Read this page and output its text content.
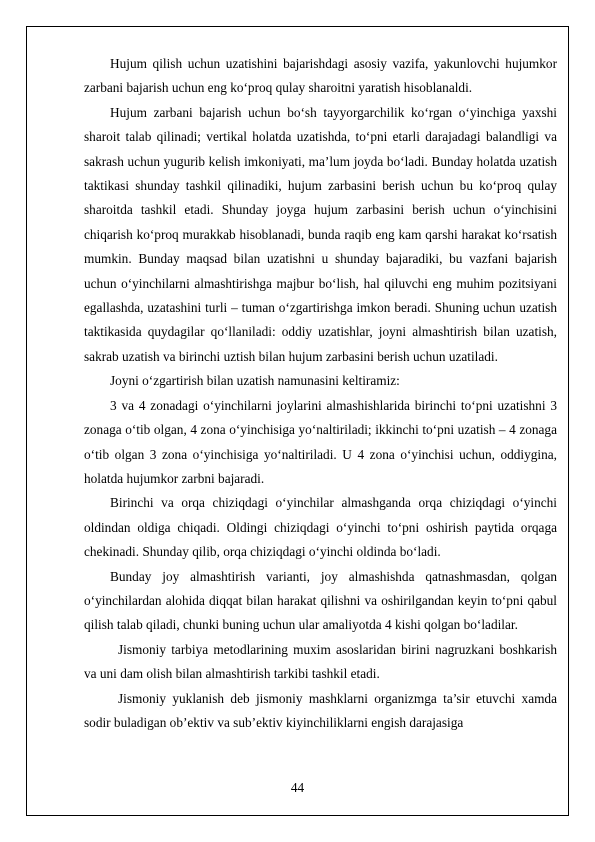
Hujum qilish uchun uzatishini bajarishdagi asosiy vazifa, yakunlovchi hujumkor zarbani bajarish uchun eng ko‘proq qulay sharoitni yaratish hisoblanaldi.

Hujum zarbani bajarish uchun bo‘sh tayyorgarchilik ko‘rgan o‘yinchiga yaxshi sharoit talab qilinadi; vertikal holatda uzatishda, to‘pni etarli darajadagi balandligi va sakrash uchun yugurib kelish imkoniyati, ma’lum joyda bo‘ladi. Bunday holatda uzatish taktikasi shunday tashkil qilinadiki, hujum zarbasini berish uchun bu ko‘proq qulay sharoitda tashkil etadi. Shunday joyga hujum zarbasini berish uchun o‘yinchisini chiqarish ko‘proq murakkab hisoblanadi, bunda raqib eng kam qarshi harakat ko‘rsatish mumkin. Bunday maqsad bilan uzatishni u shunday bajaradiki, bu vazfani bajarish uchun o‘yinchilarni almashtirishga majbur bo‘lish, hal qiluvchi eng muhim pozitsiyani egallashda, uzatashini turli – tuman o‘zgartirishga imkon beradi. Shuning uchun uzatish taktikasida quydagilar qo‘llaniladi: oddiy uzatishlar, joyni almashtirish bilan uzatish, sakrab uzatish va birinchi uztish bilan hujum zarbasini berish uchun uzatiladi.

Joyni o‘zgartirish bilan uzatish namunasini keltiramiz:

3 va 4 zonadagi o‘yinchilarni joylarini almashishlarida birinchi to‘pni uzatishni 3 zonaga o‘tib olgan, 4 zona o‘yinchisiga yo‘naltiriladi; ikkinchi to‘pni uzatish – 4 zonaga o‘tib olgan 3 zona o‘yinchisiga yo‘naltiriladi. U 4 zona o‘yinchisi uchun, oddiygina, holatda hujumkor zarbni bajaradi.

Birinchi va orqa chiziqdagi o‘yinchilar almashganda orqa chiziqdagi o‘yinchi oldindan oldiga chiqadi. Oldingi chiziqdagi o‘yinchi to‘pni oshirish paytida orqaga chekinadi. Shunday qilib, orqa chiziqdagi o‘yinchi oldinda bo‘ladi.

Bunday joy almashtirish varianti, joy almashishda qatnashmasdan, qolgan o‘yinchilardan alohida diqqat bilan harakat qilishni va oshirilgandan keyin to‘pni qabul qilish talab qiladi, chunki buning uchun ular amaliyotda 4 kishi qolgan bo‘ladilar.

Jismoniy tarbiya metodlarining muxim asoslaridan birini nagruzkani boshkarish va uni dam olish bilan almashtirish tarkibi tashkil etadi.

Jismoniy yuklanish deb jismoniy mashklarni organizmga ta’sir etuvchi xamda sodir buladigan ob’ektiv va sub’ektiv kiyinchiliklarni engish darajasiga

44
